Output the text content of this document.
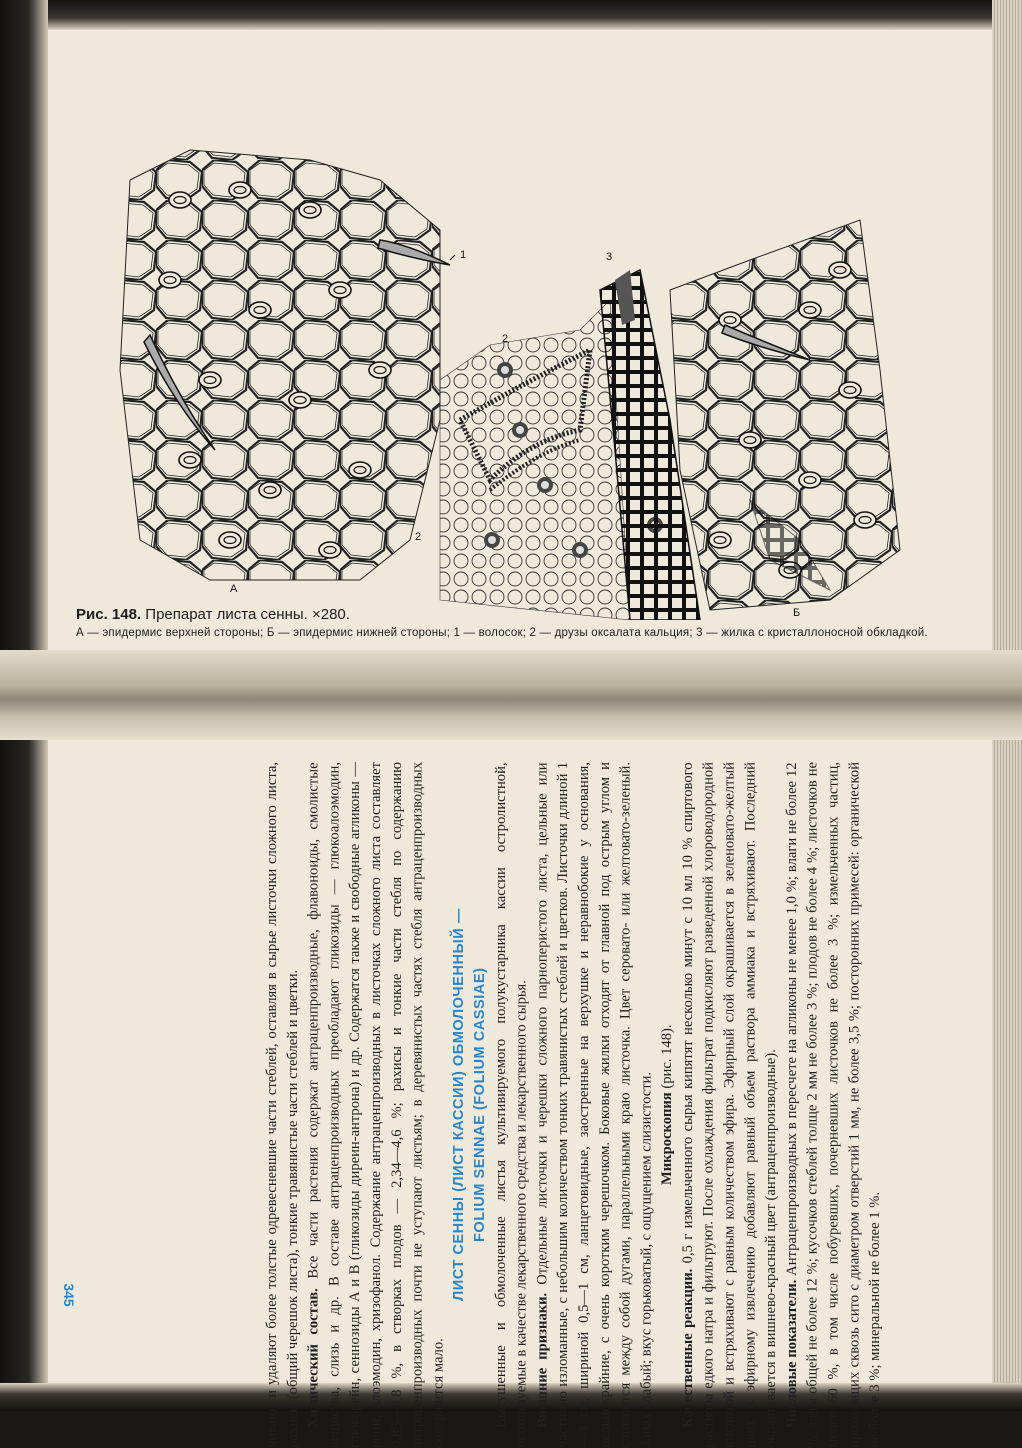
1	3
2
2
А
Б
Рис. 148. Препарат листа сенны. ×280.
А — эпидермис верхней стороны; Б — эпидермис нижней стороны; 1 — волосок; 2 — друзы оксалата кальция; 3 — жилка с кристаллоносной обкладкой.

чивают и удаляют более толстые одревесневшие части стеблей, оставляя в сырье листочки сложного листа, рахисы (общий черешок листа), тонкие травянистые части стеблей и цветки. Химический состав. Все части растения содержат антраценпроизводные, флавоноиды, смолистые вещества, слизь и др. В составе антраценпроизводных преобладают гликозиды — глюкоалоэмодин, глюкорейн, сеннозиды А и В (гликозиды диреин-антрона) и др. Содержатся также и свободные агликоны — реин, алоэмодин, хризофанол. Содержание антраценпроизводных в листочках сложного листа составляет 0,85—3,8 %, в створках плодов — 2,34—4,6 %; рахисы и тонкие части стебля по содержанию антраценпроизводных почти не уступают листьям; в деревянистых частях стебля антраценпроизводных содержится мало.

ЛИСТ СЕННЫ (ЛИСТ КАССИИ) ОБМОЛОЧЕННЫЙ — FOLIUM SENNAE (FOLIUM CASSIAE) Высушенные и обмолоченные листья культивируемого полукустарника кассии остролистной, используемые в качестве лекарственного средства и лекарственного сырья. Внешние признаки. Отдельные листочки и черешки сложного парноперистого листа, цельные или частично изломанные, с небольшим количеством тонких травянистых стеблей и цветков. Листочки длиной 1—3 см, шириной 0,5—1 см, ланцетовидные, заостренные на верхушке и неравнобокие у основания, цельнокрайние, с очень коротким черешочком. Боковые жилки отходят от главной под острым углом и сливаются между собой дугами, параллельными краю листочка. Цвет серовато- или желтовато-зеленый. Запах слабый; вкус горьковатый, с ощущением слизистости. Микроскопия (рис. 148).

Качественные реакции. 0,5 г измельченного сырья кипятят несколько минут с 10 мл 10 % спиртового раствора едкого натра и фильтруют. После охлаждения фильтрат подкисляют разведенной хлороводородной кислотой и встряхивают с равным количеством эфира. Эфирный слой окрашивается в зеленовато-желтый цвет. К эфирному извлечению добавляют равный объем раствора аммиака и встряхивают. Последний окрашивается в вишнево-красный цвет (антраценпроизводные). Числовые показатели. Антраценпроизводных в пересчете на агликоны не менее 1,0 %; влаги не более 12 %; золы общей не более 12 %; кусочков стеблей толще 2 мм не более 3 %; плодов не более 4 %; листочков не менее 60 %, в том числе побуревших, почерневших листочков не более 3 %; измельченных частиц, проходящих сквозь сито с диаметром отверстий 1 мм, не более 3,5 %; посторонних примесей: органической не более 3 %; минеральной не более 1 %.

345
